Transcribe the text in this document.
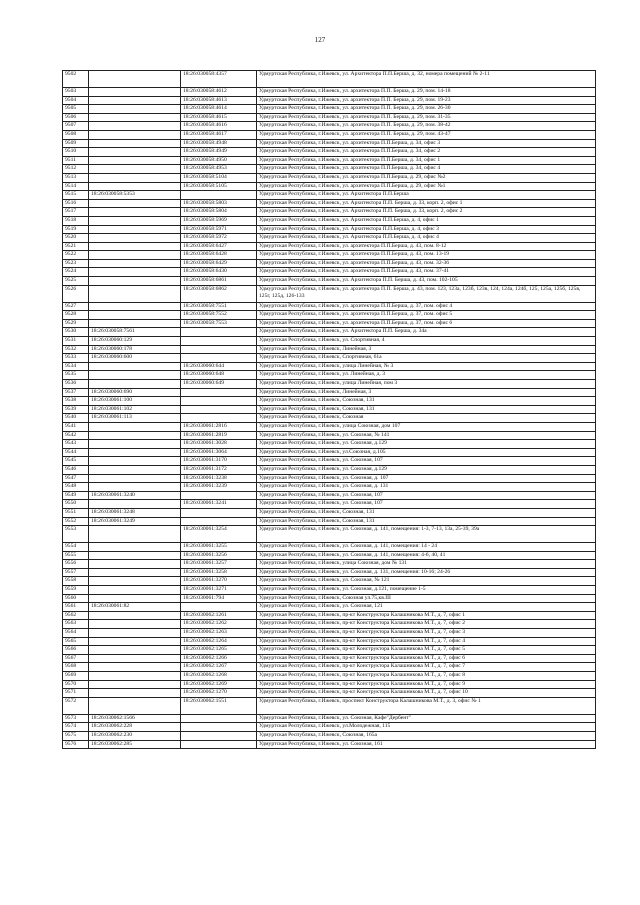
127
9502		18:26:030058:4357	Удмуртская Республика, г.Ижевск, ул. Архитектора П.П.Берша, д. 32, номера помещений № 2-11
9503		18:26:030058:4612	Удмуртская Республика, г.Ижевск, ул. архитектора П.П. Берша, д. 29, пом. 14-18
9504		18:26:030058:4613	Удмуртская Республика, г.Ижевск, ул. архитектора П.П. Берша, д. 29, пом. 19-23
9505		18:26:030058:4614	Удмуртская Республика, г.Ижевск, ул. архитектора П.П. Берша, д. 29, пом. 26-30
9506		18:26:030058:4615	Удмуртская Республика, г.Ижевск, ул. архитектора П.П. Берша, д. 29, пом. 31-35
9507		18:26:030058:4616	Удмуртская Республика, г.Ижевск, ул. архитектора П.П. Берша, д. 29, пом. 38-42
9508		18:26:030058:4617	Удмуртская Республика, г.Ижевск, ул. архитектора П.П. Берша, д. 29, пом. 43-47
9509		18:26:030058:4948	Удмуртская Республика, г.Ижевск, ул. архитектора П.П.Берша, д. 34, офис 3
9510		18:26:030058:4949	Удмуртская Республика, г.Ижевск, ул. архитектора П.П.Берша, д. 34, офис 2
9511		18:26:030058:4950	Удмуртская Республика, г.Ижевск, ул. архитектора П.П.Берша, д. 34, офис 1
9512		18:26:030058:4953	Удмуртская Республика, г.Ижевск, ул. архитектора П.П.Берша, д. 34, офис 4
9513		18:26:030058:5104	Удмуртская Республика, г.Ижевск, ул. архитектора П.П.Берша, д. 29, офис №2
9514		18:26:030058:5105	Удмуртская Республика, г.Ижевск, ул. архитектора П.П.Берша, д. 29, офис №1
9515	18:26:030058:5353		Удмуртская Республика, г.Ижевск, ул. Архитектора П.П.Берша
9516		18:26:030058:5803	Удмуртская Республика, г.Ижевск, ул. Архитектора П.П. Берша, д. 33, корп. 2, офис 1
9517		18:26:030058:5804	Удмуртская Республика, г.Ижевск, ул. Архитектора П.П. Берша, д. 33, корп. 2, офис 2
9518		18:26:030058:5969	Удмуртская Республика, г.Ижевск, ул. Архитектора П.П.Берша, д. 4, офис 1
9519		18:26:030058:5971	Удмуртская Республика, г.Ижевск, ул. Архитектора П.П.Берша, д. 4, офис 3
9520		18:26:030058:5972	Удмуртская Республика, г.Ижевск, ул. Архитектора П.П.Берша, д. 4, офис 4
9521		18:26:030058:6427	Удмуртская Республика, г.Ижевск, ул. архитектора П.П.Берша, д. 43, пом. 8-12
9522		18:26:030058:6428	Удмуртская Республика, г.Ижевск, ул. архитектора П.П.Берша, д. 43, пом. 13-19
9523		18:26:030058:6429	Удмуртская Республика, г.Ижевск, ул. архитектора П.П.Берша, д. 43, пом. 32-36
9524		18:26:030058:6430	Удмуртская Республика, г.Ижевск, ул. архитектора П.П.Берша, д. 43, пом. 37-41
9525		18:26:030058:6861	Удмуртская Республика, г.Ижевск, ул. Архитектора П.П. Берша, д. 43, пом. 102-105
9526		18:26:030058:6862	Удмуртская Республика, г.Ижевск, ул. архитектора П.П. Берша, д. 43, пом. 123, 123а, 123б, 123в, 124, 124а, 124б, 125, 125а, 125б, 125в, 125г, 125д, 126-133
9527		18:26:030058:7551	Удмуртская Республика, г.Ижевск, ул. архитектора П.П.Берша, д. 37, пом. офис 4
9528		18:26:030058:7552	Удмуртская Республика, г.Ижевск, ул. архитектора П.П.Берша, д. 37, пом. офис 5
9529		18:26:030058:7553	Удмуртская Республика, г.Ижевск, ул. архитектора П.П.Берша, д. 37, пом. офис 6
9530	18:26:030058:7561		Удмуртская Республика, г.Ижевск, ул. Архитектора П.П. Берша, д. 34а
9531	18:26:030060:129		Удмуртская Республика, г.Ижевск, ул. Спортивная, 4
9532	18:26:030060:178		Удмуртская Республика, г.Ижевск, Линейная, 3
9533	18:26:030060:600		Удмуртская Республика, г.Ижевск, Спортивная, 61а
9534		18:26:030060:644	Удмуртская Республика, г.Ижевск, улица Линейная, № 3
9535		18:26:030060:648	Удмуртская Республика, г.Ижевск, ул. Линейная, д. 3
9536		18:26:030060:649	Удмуртская Республика, г.Ижевск, улица Линейная, пом 3
9537	18:26:030060:690		Удмуртская Республика, г.Ижевск, Линейная, 3
9538	18:26:030061:100		Удмуртская Республика, г.Ижевск, Союзная, 131
9539	18:26:030061:102		Удмуртская Республика, г.Ижевск, Союзная, 131
9540	18:26:030061:113		Удмуртская Республика, г.Ижевск, Союзная
9541		18:26:030061:2816	Удмуртская Республика, г.Ижевск, улица Союзная, дом 107
9542		18:26:030061:2819	Удмуртская Республика, г.Ижевск, ул. Союзная, № 141
9543		18:26:030061:3028	Удмуртская Республика, г.Ижевск, ул. Союзная, д.129
9544		18:26:030061:3064	Удмуртская Республика, г.Ижевск, ул.Союзная, д.105
9545		18:26:030061:3170	Удмуртская Республика, г.Ижевск, ул. Союзная, 107
9546		18:26:030061:3172	Удмуртская Республика, г.Ижевск, ул. Союзная, д.129
9547		18:26:030061:3238	Удмуртская Республика, г.Ижевск, ул. Союзная, д. 107
9548		18:26:030061:3239	Удмуртская Республика, г.Ижевск, ул. Союзная, д. 131
9549	18:26:030061:3240		Удмуртская Республика, г.Ижевск, ул. Союзная, 107
9550		18:26:030061:3241	Удмуртская Республика, г.Ижевск, ул. Союзная, 107
9551	18:26:030061:3248		Удмуртская Республика, г.Ижевск, Союзная, 131
9552	18:26:030061:3249		Удмуртская Республика, г.Ижевск, Союзная, 131
9553		18:26:030061:3254	Удмуртская Республика, г.Ижевск, ул. Союзная, д. 141, помещения: 1-3, 7-13, 13а, 25-39, 39а
9554		18:26:030061:3255	Удмуртская Республика, г.Ижевск, ул. Союзная, д. 141, помещения: 14 - 24
9555		18:26:030061:3256	Удмуртская Республика, г.Ижевск, ул. Союзная, д. 141, помещения: 4-6, 40, 41
9556		18:26:030061:3257	Удмуртская Республика, г.Ижевск, улица Союзная, дом № 131
9557		18:26:030061:3258	Удмуртская Республика, г.Ижевск, ул. Союзная, д. 131, помещения: 10-16; 24-26
9558		18:26:030061:3270	Удмуртская Республика, г.Ижевск, ул. Союзная, № 121
9559		18:26:030061:3271	Удмуртская Республика, г.Ижевск, ул. Союзная, д.121, помещение 1-5
9560		18:26:030061:794	Удмуртская Республика, г.Ижевск, Союзная ул.75,кв.III
9561	18:26:030061:82		Удмуртская Республика, г.Ижевск, ул. Союзная, 121
9562		18:26:030062:1261	Удмуртская Республика, г.Ижевск, пр-кт Конструктора Калашникова М.Т., д. 7, офис 1
9563		18:26:030062:1262	Удмуртская Республика, г.Ижевск, пр-кт Конструктора Калашникова М.Т., д. 7, офис 2
9564		18:26:030062:1263	Удмуртская Республика, г.Ижевск, пр-кт Конструктора Калашникова М.Т., д. 7, офис 3
9565		18:26:030062:1264	Удмуртская Республика, г.Ижевск, пр-кт Конструктора Калашникова М.Т., д. 7, офис 4
9566		18:26:030062:1265	Удмуртская Республика, г.Ижевск, пр-кт Конструктора Калашникова М.Т., д. 7, офис 5
9567		18:26:030062:1266	Удмуртская Республика, г.Ижевск, пр-кт Конструктора Калашникова М.Т., д. 7, офис 6
9568		18:26:030062:1267	Удмуртская Республика, г.Ижевск, пр-кт Конструктора Калашникова М.Т., д. 7, офис 7
9569		18:26:030062:1268	Удмуртская Республика, г.Ижевск, пр-кт Конструктора Калашникова М.Т., д. 7, офис 8
9570		18:26:030062:1269	Удмуртская Республика, г.Ижевск, пр-кт Конструктора Калашникова М.Т., д. 7, офис 9
9571		18:26:030062:1270	Удмуртская Республика, г.Ижевск, пр-кт Конструктора Калашникова М.Т., д. 7, офис 10
9572		18:26:030062:1551	Удмуртская Республика, г.Ижевск, проспект Конструктора Калашникова М.Т., д. 3, офис № 1
9573	18:26:030062:1566		Удмуртская Республика, г.Ижевск, ул. Союзная, Кафе"Дербент"
9574	18:26:030062:228		Удмуртская Республика, г.Ижевск, ул.Молодежная, 115
9575	18:26:030062:230		Удмуртская Республика, г.Ижевск, Союзная, 165а
9576	18:26:030062:285		Удмуртская Республика, г.Ижевск, ул. Союзная, 161
